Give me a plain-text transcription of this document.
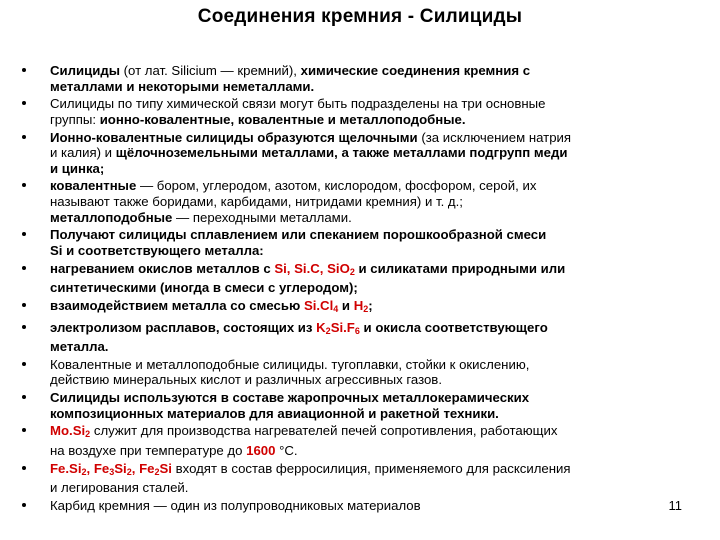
Соединения кремния - Силициды
Силициды (от лат. Silicium — кремний), химические соединения кремния с
металлами и некоторыми неметаллами.
Силициды по типу химической связи могут быть подразделены на три основные
группы: ионно-ковалентные, ковалентные и металлоподобные.
Ионно-ковалентные силициды образуются щелочными (за исключением натрия
и калия) и щёлочноземельными металлами, а также металлами подгрупп меди
и цинка;
ковалентные — бором, углеродом, азотом, кислородом, фосфором, серой, их
называют также боридами, карбидами, нитридами кремния) и т. д.;
металлоподобные — переходными металлами.
Получают силициды сплавлением или спеканием порошкообразной смеси
Si и соответствующего металла:
нагреванием окислов металлов с Si, Si.C, SiO$_2$ и силикатами природными или
синтетическими (иногда в смеси с углеродом);
взаимодействием металла со смесью $Si.Cl_4$ и $H_2$;
электролизом расплавов, состоящих из $K_2Si.F_6$ и окисла соответствующего
металла.
Ковалентные и металлоподобные силициды. тугоплавки, стойки к окислению,
действию минеральных кислот и различных агрессивных газов.
Силициды используются в составе жаропрочных металлокерамических
композиционных материалов для авиационной и ракетной техники.
$Mo.Si_2$ служит для производства нагревателей печей сопротивления, работающих
на воздухе при температуре до 1600 °С.
$Fe.Si_2$, $Fe_3Si_2$, $Fe_2Si$ входят в состав ферросилиция, применяемого для расксиления
и легирования сталей.
Карбид кремния — один из полупроводниковых материалов	11
